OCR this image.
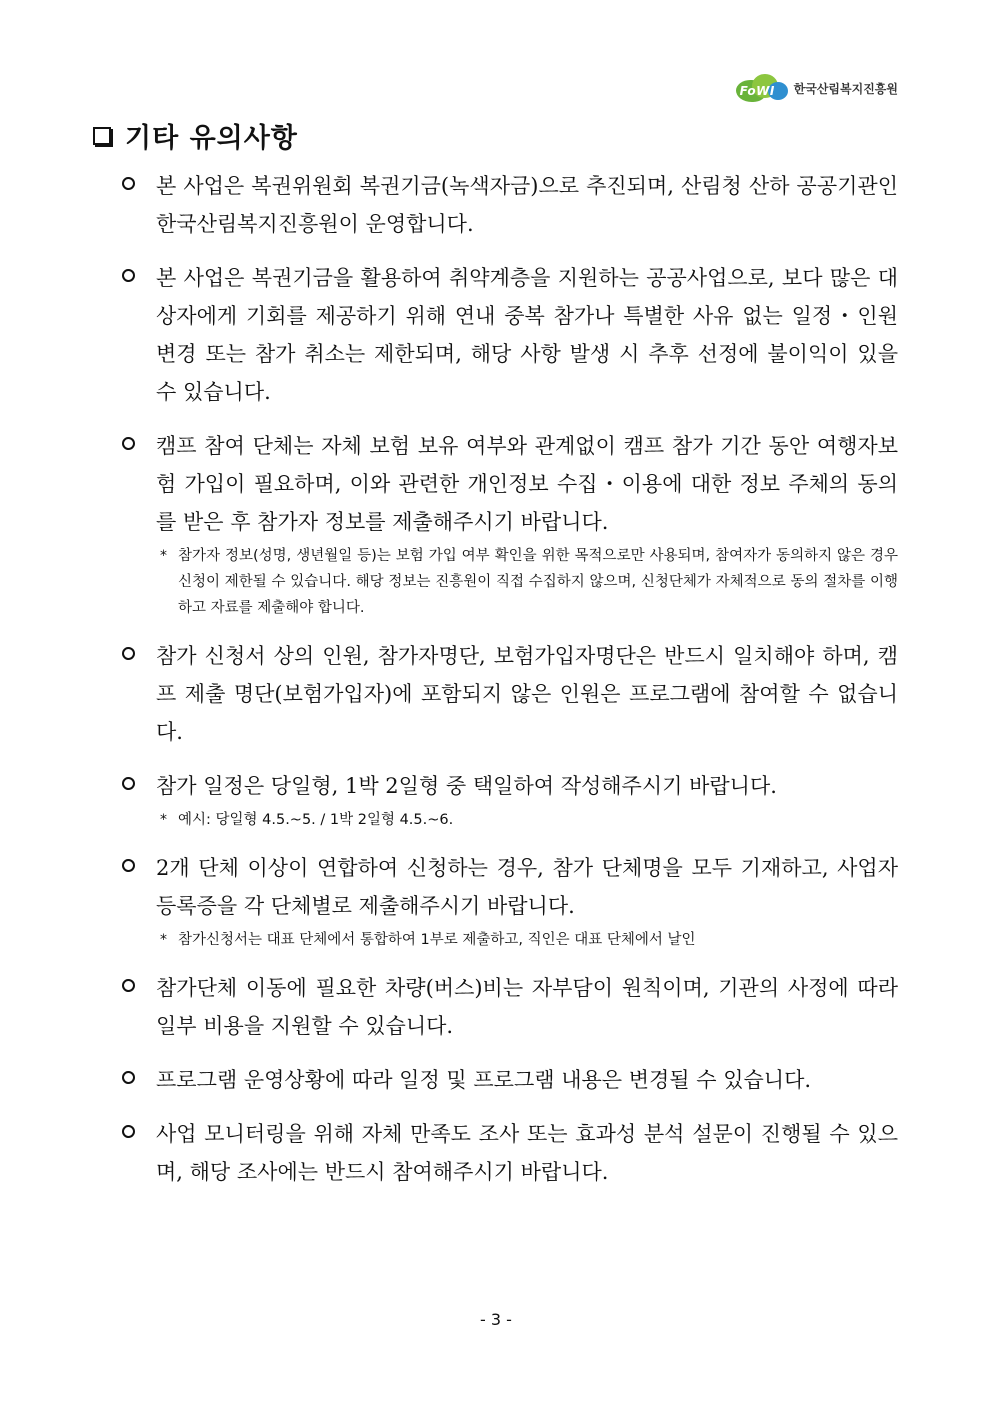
FoWI 한국산림복지진흥원
기타 유의사항
본 사업은 복권위원회 복권기금(녹색자금)으로 추진되며, 산림청 산하 공공기관인 한국산림복지진흥원이 운영합니다.
본 사업은 복권기금을 활용하여 취약계층을 지원하는 공공사업으로, 보다 많은 대상자에게 기회를 제공하기 위해 연내 중복 참가나 특별한 사유 없는 일정・인원 변경 또는 참가 취소는 제한되며, 해당 사항 발생 시 추후 선정에 불이익이 있을 수 있습니다.
캠프 참여 단체는 자체 보험 보유 여부와 관계없이 캠프 참가 기간 동안 여행자보험 가입이 필요하며, 이와 관련한 개인정보 수집・이용에 대한 정보 주체의 동의를 받은 후 참가자 정보를 제출해주시기 바랍니다.
* 참가자 정보(성명, 생년월일 등)는 보험 가입 여부 확인을 위한 목적으로만 사용되며, 참여자가 동의하지 않은 경우 신청이 제한될 수 있습니다. 해당 정보는 진흥원이 직접 수집하지 않으며, 신청단체가 자체적으로 동의 절차를 이행하고 자료를 제출해야 합니다.
참가 신청서 상의 인원, 참가자명단, 보험가입자명단은 반드시 일치해야 하며, 캠프 제출 명단(보험가입자)에 포함되지 않은 인원은 프로그램에 참여할 수 없습니다.
참가 일정은 당일형, 1박 2일형 중 택일하여 작성해주시기 바랍니다.
* 예시: 당일형 4.5.~5. / 1박 2일형 4.5.~6.
2개 단체 이상이 연합하여 신청하는 경우, 참가 단체명을 모두 기재하고, 사업자등록증을 각 단체별로 제출해주시기 바랍니다.
* 참가신청서는 대표 단체에서 통합하여 1부로 제출하고, 직인은 대표 단체에서 날인
참가단체 이동에 필요한 차량(버스)비는 자부담이 원칙이며, 기관의 사정에 따라 일부 비용을 지원할 수 있습니다.
프로그램 운영상황에 따라 일정 및 프로그램 내용은 변경될 수 있습니다.
사업 모니터링을 위해 자체 만족도 조사 또는 효과성 분석 설문이 진행될 수 있으며, 해당 조사에는 반드시 참여해주시기 바랍니다.
- 3 -
